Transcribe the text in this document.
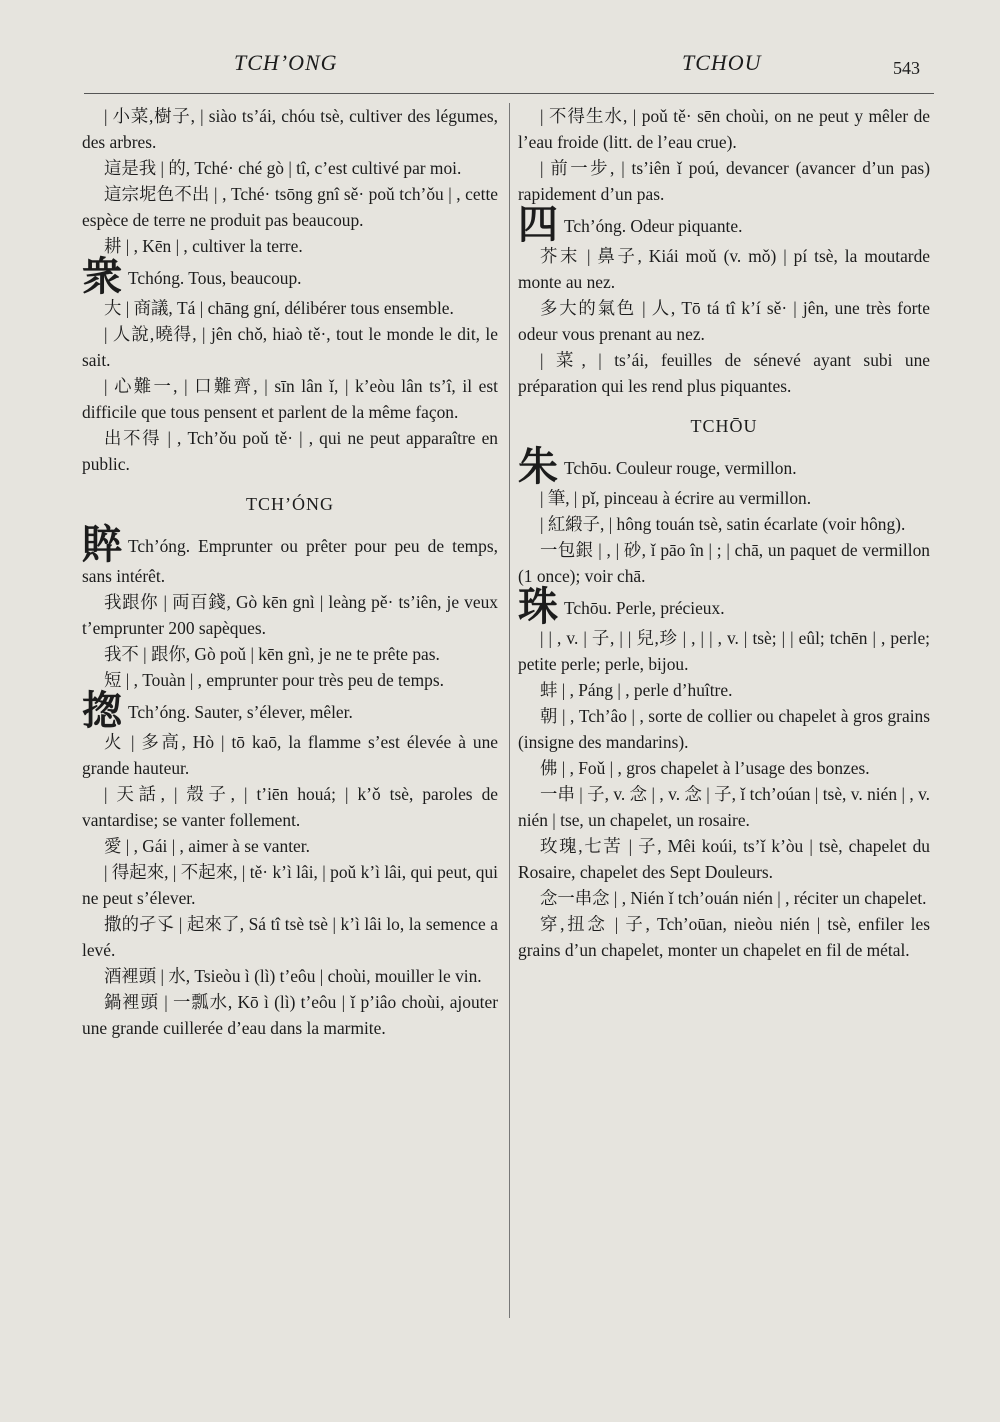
TCH’ONG	TCHOU	543

| 小菜,樹子, | siào ts’ái, chóu tsè, cultiver des légumes, des arbres.

這是我 | 的, Tché· ché gò | tî, c’est cultivé par moi.

這宗坭色不出 | , Tché· tsōng gnî sě· poǔ tch’ǒu | , cette espèce de terre ne produit pas beaucoup.

耕 | , Kēn | , cultiver la terre.

衆 Tchóng. Tous, beaucoup.

大 | 商議, Tá | chāng gní, délibérer tous ensemble.

| 人說,曉得, | jên chǒ, hiaò tě·, tout le monde le dit, le sait.

| 心難一, | 口難齊, | sīn lân ǐ, | k’eòu lân ts’î, il est difficile que tous pensent et parlent de la même façon.

出不得 | , Tch’ǒu poǔ tě· | , qui ne peut apparaître en public.

TCH’ÓNG

賥 Tch’óng. Emprunter ou prêter pour peu de temps, sans intérêt.

我跟你 | 両百錢, Gò kēn gnì | leàng pě· ts’iên, je veux t’emprunter 200 sapèques.

我不 | 跟你, Gò poǔ | kēn gnì, je ne te prête pas.

短 | , Touàn | , emprunter pour très peu de temps.

揔 Tch’óng. Sauter, s’élever, mêler.

火 | 多高, Hò | tō kaō, la flamme s’est élevée à une grande hauteur.

| 天話, | 殼子, | t’iēn houá; | k’ǒ tsè, paroles de vantardise; se vanter follement.

愛 | , Gái | , aimer à se vanter.

| 得起來, | 不起來, | tě· k’ì lâi, | poǔ k’ì lâi, qui peut, qui ne peut s’élever.

撒的孑孓 | 起來了, Sá tî tsè tsè | k’ì lâi lo, la semence a levé.

酒裡頭 | 水, Tsieòu ì (lì) t’eôu | choùi, mouiller le vin.

鍋裡頭 | 一瓢水, Kō ì (lì) t’eôu | ǐ p’iâo choùi, ajouter une grande cuillerée d’eau dans la marmite.

| 不得生水, | poǔ tě· sēn choùi, on ne peut y mêler de l’eau froide (litt. de l’eau crue).

| 前一步, | ts’iên ǐ poú, devancer (avancer d’un pas) rapidement d’un pas.

四 Tch’óng. Odeur piquante.

芥末 | 鼻子, Kiái moǔ (v. mǒ) | pí tsè, la moutarde monte au nez.

多大的氣色 | 人, Tō tá tî k’í sě· | jên, une très forte odeur vous prenant au nez.

| 菜, | ts’ái, feuilles de sénevé ayant subi une préparation qui les rend plus piquantes.

TCHŌU

朱 Tchōu. Couleur rouge, vermillon.

| 筆, | pǐ, pinceau à écrire au vermillon.

| 紅緞子, | hông touán tsè, satin écarlate (voir hông).

一包銀 | , | 砂, ǐ pāo în | ; | chā, un paquet de vermillon (1 once); voir chā.

珠 Tchōu. Perle, précieux.

| | , v. | 子, | | 兒,珍 | , | | , v. | tsè; | | eûl; tchēn | , perle; petite perle; perle, bijou.

蚌 | , Páng | , perle d’huître.

朝 | , Tch’âo | , sorte de collier ou chapelet à gros grains (insigne des mandarins).

佛 | , Foǔ | , gros chapelet à l’usage des bonzes.

一串 | 子, v. 念 | , v. 念 | 子, ǐ tch’oúan | tsè, v. nién | , v. nién | tse, un chapelet, un rosaire.

玫瑰,七苦 | 子, Mêi koúi, ts’ǐ k’òu | tsè, chapelet du Rosaire, chapelet des Sept Douleurs.

念一串念 | , Nién ǐ tch’ouán nién | , réciter un chapelet.

穿,扭念 | 子, Tch’oūan, nieòu nién | tsè, enfiler les grains d’un chapelet, monter un chapelet en fil de métal.
